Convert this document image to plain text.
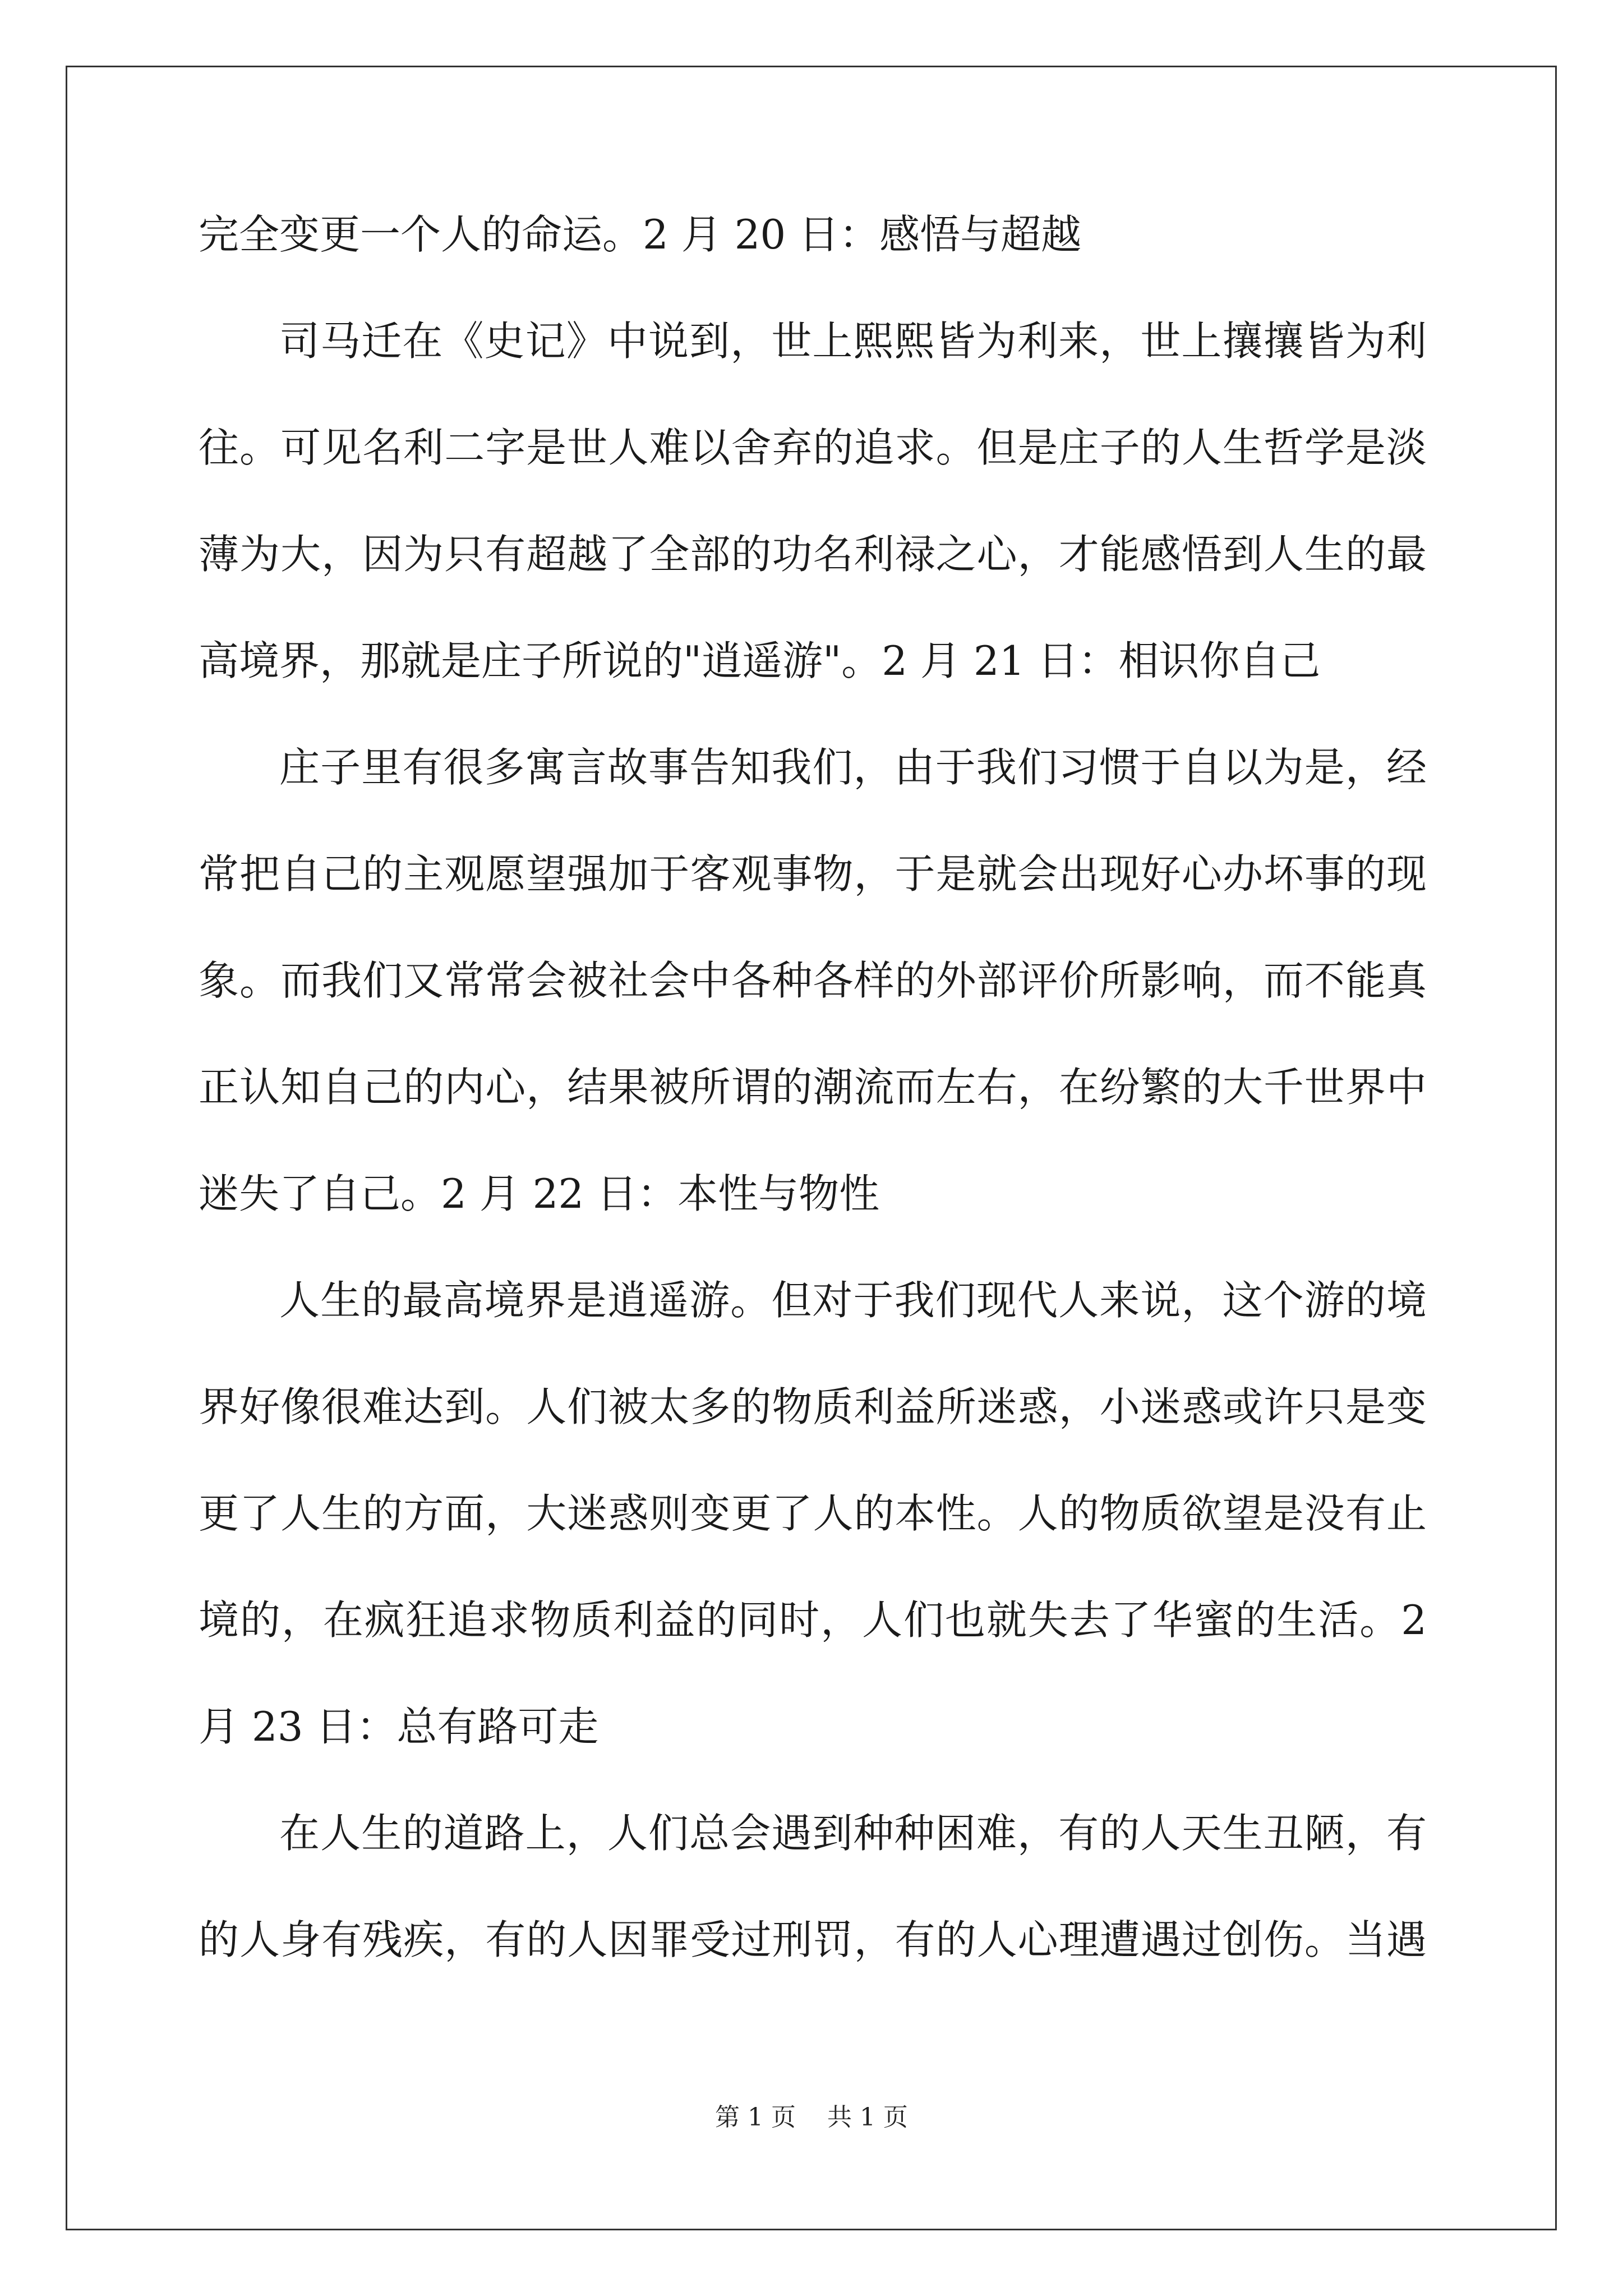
完全变更一个人的命运。2 月 20 日：感悟与超越
司马迁在《史记》中说到，世上熙熙皆为利来，世上攘攘皆为利
往。可见名利二字是世人难以舍弃的追求。但是庄子的人生哲学是淡
薄为大，因为只有超越了全部的功名利禄之心，才能感悟到人生的最
高境界，那就是庄子所说的"逍遥游"。2 月 21 日：相识你自己
庄子里有很多寓言故事告知我们，由于我们习惯于自以为是，经
常把自己的主观愿望强加于客观事物，于是就会出现好心办坏事的现
象。而我们又常常会被社会中各种各样的外部评价所影响，而不能真
正认知自己的内心，结果被所谓的潮流而左右，在纷繁的大千世界中
迷失了自己。2 月 22 日：本性与物性
人生的最高境界是逍遥游。但对于我们现代人来说，这个游的境
界好像很难达到。人们被太多的物质利益所迷惑，小迷惑或许只是变
更了人生的方面，大迷惑则变更了人的本性。人的物质欲望是没有止
境的，在疯狂追求物质利益的同时，人们也就失去了华蜜的生活。2
月 23 日：总有路可走
在人生的道路上，人们总会遇到种种困难，有的人天生丑陋，有
的人身有残疾，有的人因罪受过刑罚，有的人心理遭遇过创伤。当遇
第 1 页    共 1 页
